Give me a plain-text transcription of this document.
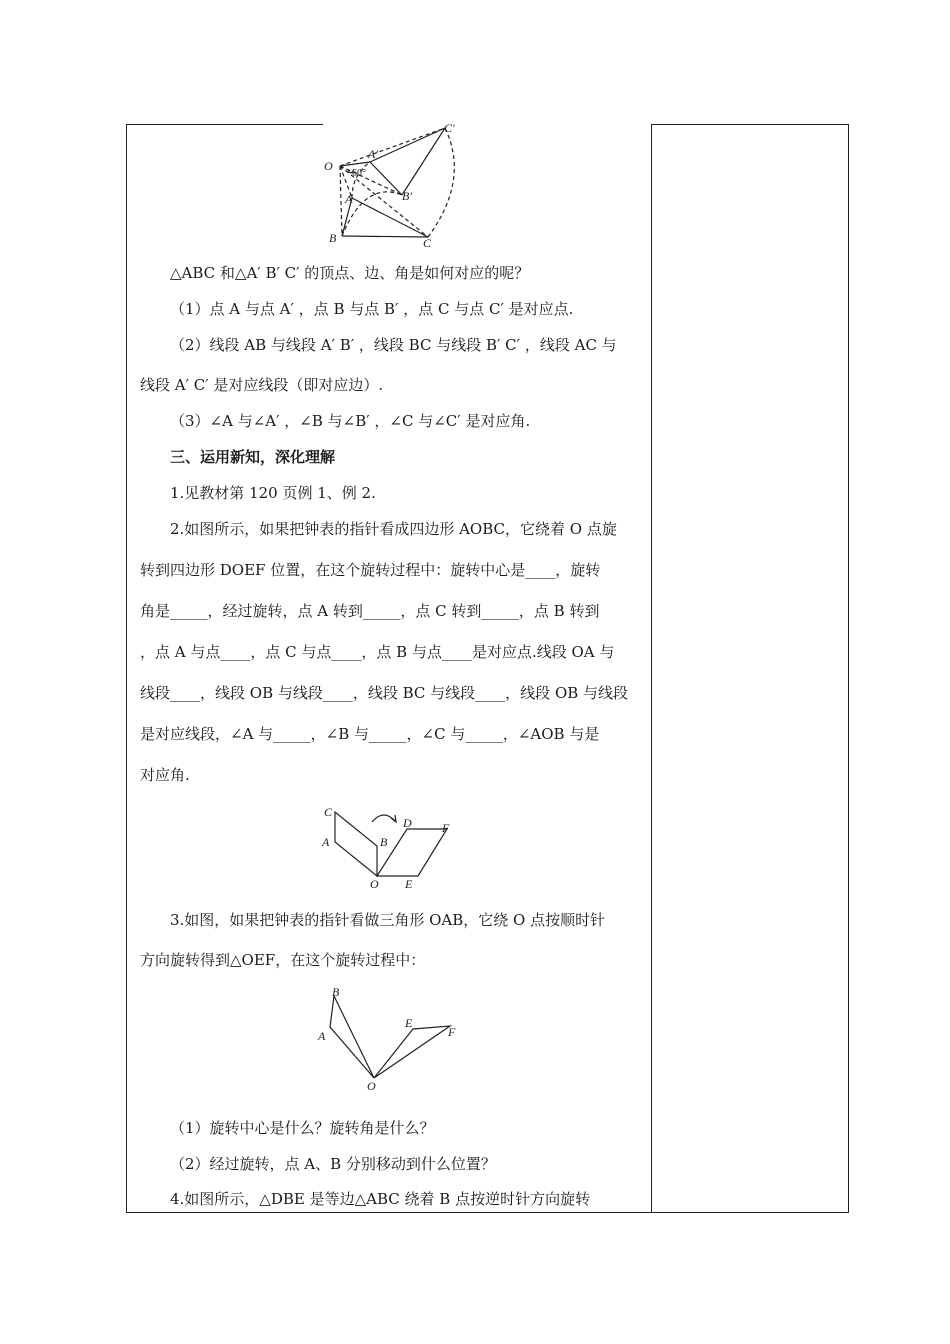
O
A
B	C
A′
B′
C′
60°
△ABC 和△A′ B′ C′ 的顶点、边、角是如何对应的呢？
（1）点 A 与点 A′ ，点 B 与点 B′ ，点 C 与点 C′ 是对应点.
（2）线段 AB 与线段 A′ B′ ，线段 BC 与线段 B′ C′ ，线段 AC 与
线段 A′ C′ 是对应线段（即对应边）.
（3）∠A 与∠A′ ，∠B 与∠B′ ，∠C 与∠C′ 是对应角.
三、运用新知，深化理解
1.见教材第 120 页例 1、例 2.
2.如图所示，如果把钟表的指针看成四边形 AOBC，它绕着 O 点旋
转到四边形 DOEF 位置，在这个旋转过程中：旋转中心是____，旋转
角是_____，经过旋转，点 A 转到_____，点 C 转到_____，点 B 转到
，点 A 与点____，点 C 与点____，点 B 与点____是对应点.线段 OA 与
线段____，线段 OB 与线段____，线段 BC 与线段____，线段 OB 与线段
是对应线段，∠A 与_____，∠B 与_____，∠C 与_____，∠AOB 与是
对应角.
C
A	B
O
D
E
F
3.如图，如果把钟表的指针看做三角形 OAB，它绕 O 点按顺时针
方向旋转得到△OEF，在这个旋转过程中：
B
A
O
E
F
（1）旋转中心是什么？旋转角是什么？
（2）经过旋转，点 A、B 分别移动到什么位置？
4.如图所示，△DBE 是等边△ABC 绕着 B 点按逆时针方向旋转
